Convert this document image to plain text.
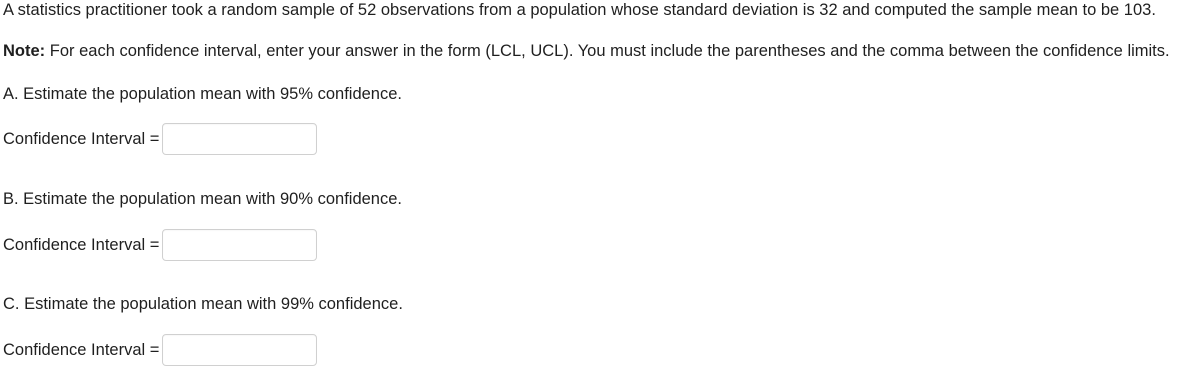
A statistics practitioner took a random sample of 52 observations from a population whose standard deviation is 32 and computed the sample mean to be 103.
Note: For each confidence interval, enter your answer in the form (LCL, UCL). You must include the parentheses and the comma between the confidence limits.
A. Estimate the population mean with 95% confidence.
Confidence Interval =
B. Estimate the population mean with 90% confidence.
Confidence Interval =
C. Estimate the population mean with 99% confidence.
Confidence Interval =
